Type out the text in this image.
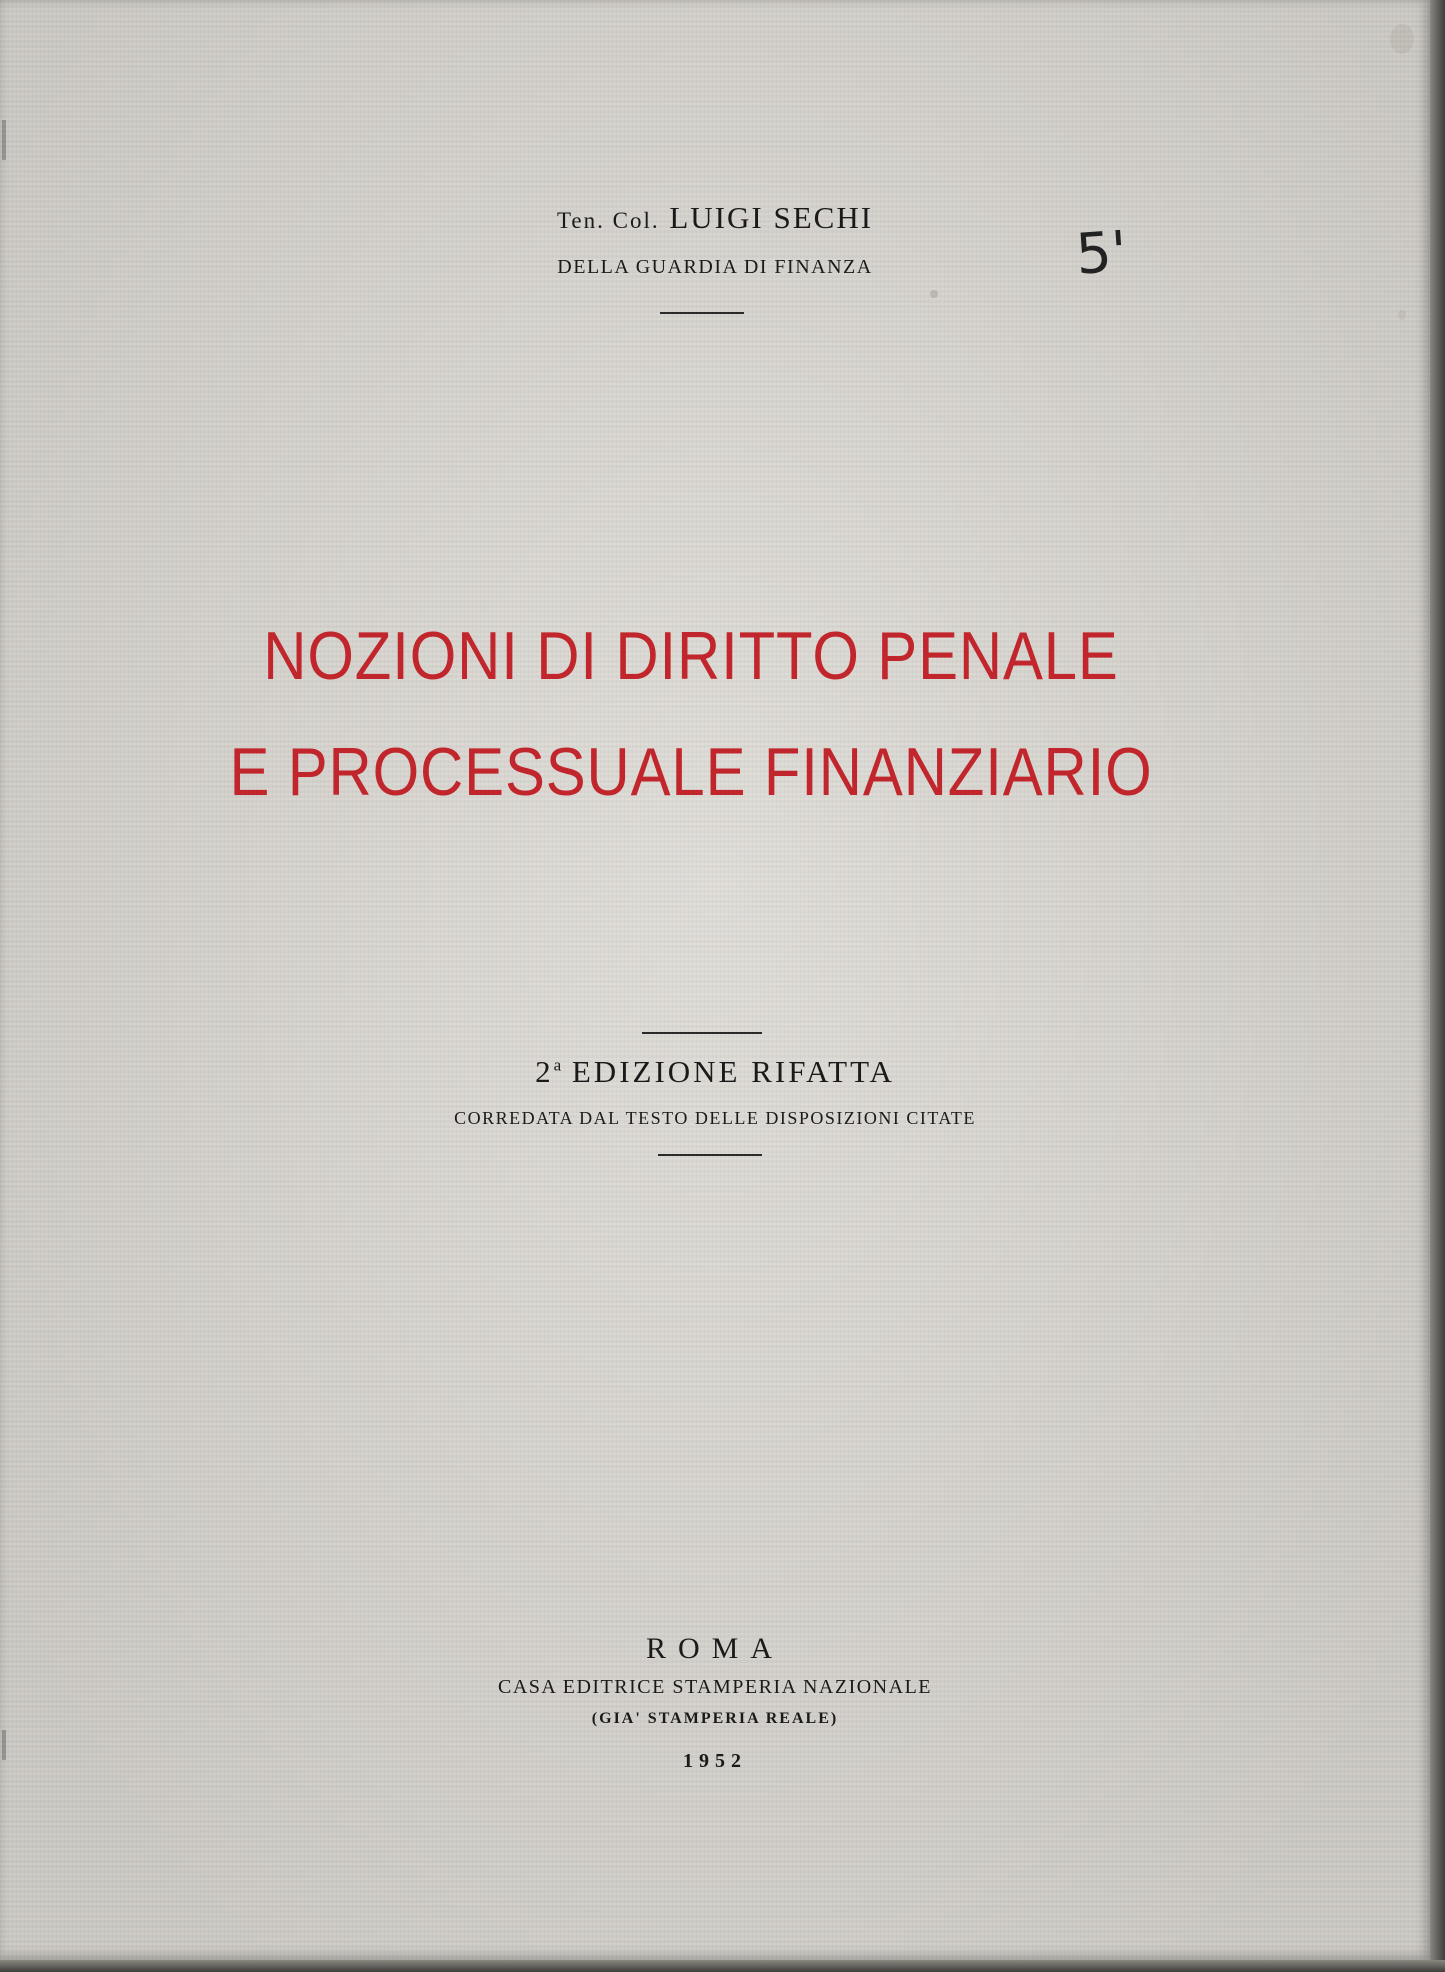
Ten. Col. LUIGI SECHI
DELLA GUARDIA DI FINANZA	5'
NOZIONI DI DIRITTO PENALE
E PROCESSUALE FINANZIARIO
2$^a$ EDIZIONE RIFATTA
CORREDATA DAL TESTO DELLE DISPOSIZIONI CITATE
ROMA
CASA EDITRICE STAMPERIA NAZIONALE
(GIA' STAMPERIA REALE)
1952
